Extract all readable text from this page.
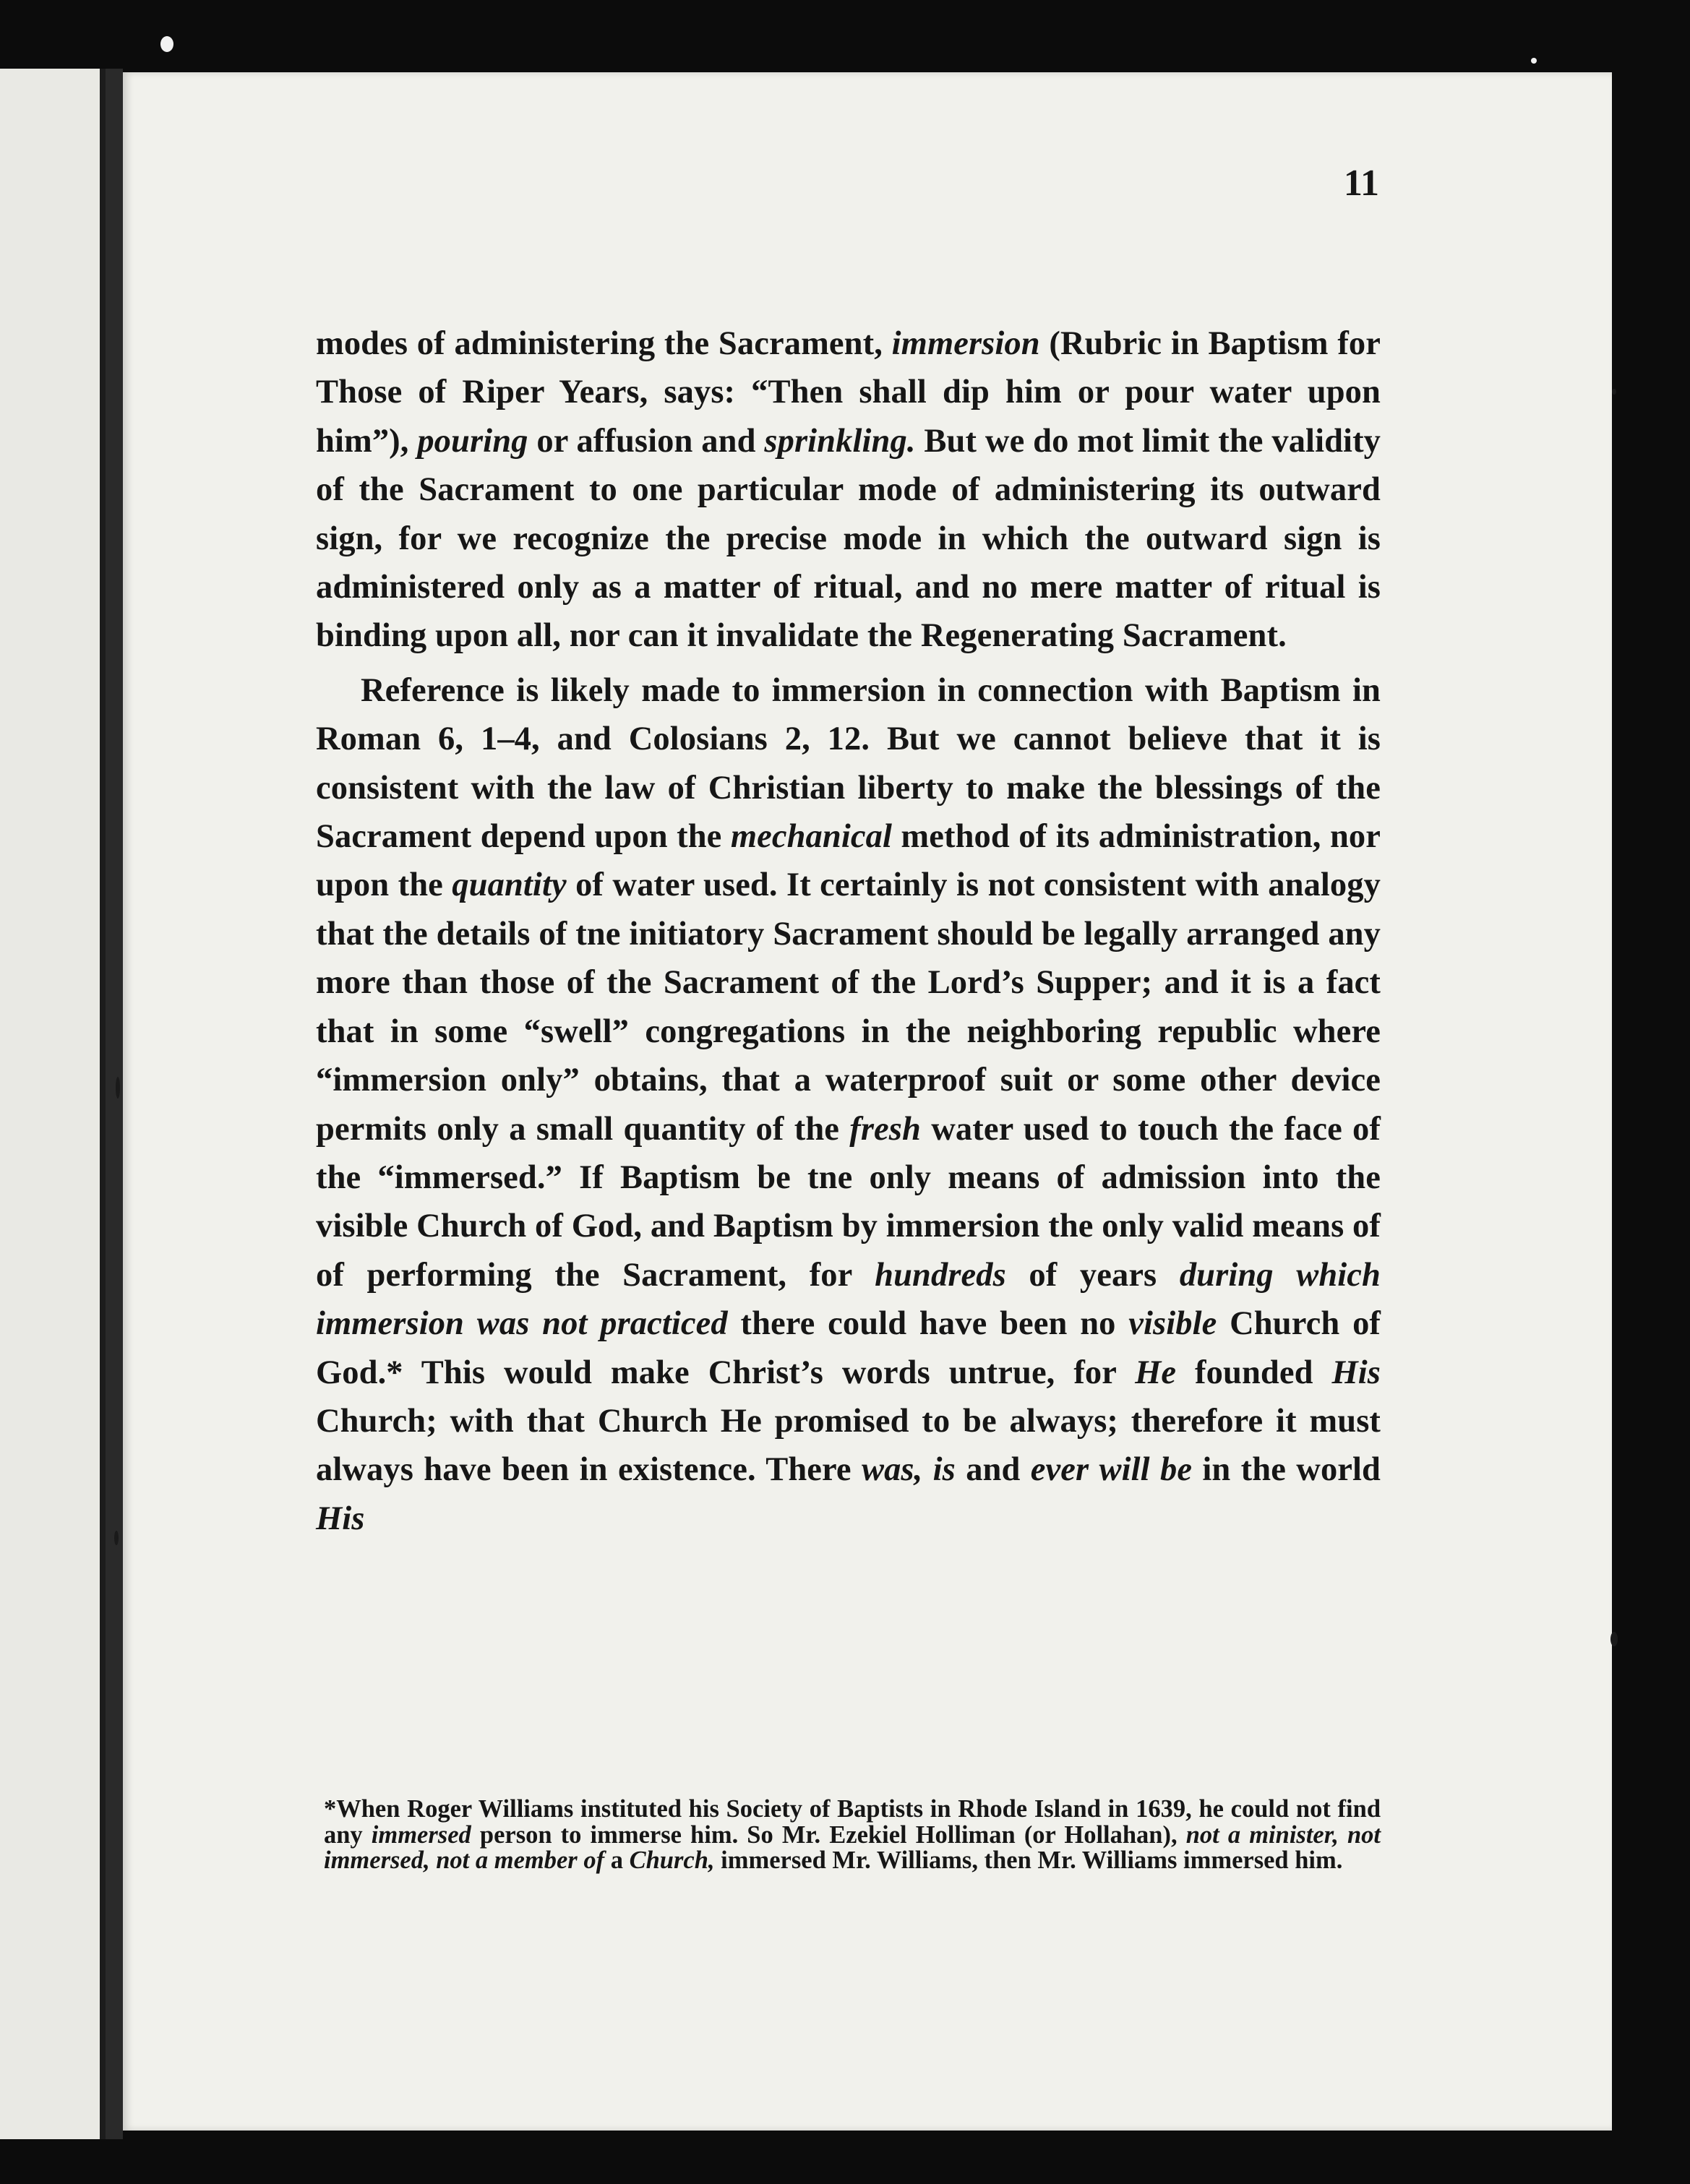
11

modes of administering the Sacrament, immersion (Rubric in Baptism for Those of Riper Years, says: “Then shall dip him or pour water upon him”), pouring or affusion and sprinkling. But we do mot limit the validity of the Sacrament to one particular mode of administering its outward sign, for we recognize the precise mode in which the outward sign is administered only as a matter of ritual, and no mere matter of ritual is binding upon all, nor can it invalidate the Regenerating Sacrament.

Reference is likely made to immersion in connection with Baptism in Roman 6, 1–4, and Colosians 2, 12. But we cannot believe that it is consistent with the law of Christian liberty to make the blessings of the Sacrament depend upon the mechanical method of its administration, nor upon the quantity of water used. It certainly is not consistent with analogy that the details of tne initiatory Sacrament should be legally arranged any more than those of the Sacrament of the Lord’s Supper; and it is a fact that in some “swell” congregations in the neighboring republic where “immersion only” obtains, that a waterproof suit or some other device permits only a small quantity of the fresh water used to touch the face of the “immersed.” If Baptism be tne only means of admission into the visible Church of God, and Baptism by immersion the only valid means of of performing the Sacrament, for hundreds of years during which immersion was not practiced there could have been no visible Church of God.* This would make Christ’s words untrue, for He founded His Church; with that Church He promised to be always; therefore it must always have been in existence. There was, is and ever will be in the world His

*When Roger Williams instituted his Society of Baptists in Rhode Island in 1639, he could not find any immersed person to immerse him. So Mr. Ezekiel Holliman (or Hollahan), not a minister, not immersed, not a member of a Church, immersed Mr. Williams, then Mr. Williams immersed him.
